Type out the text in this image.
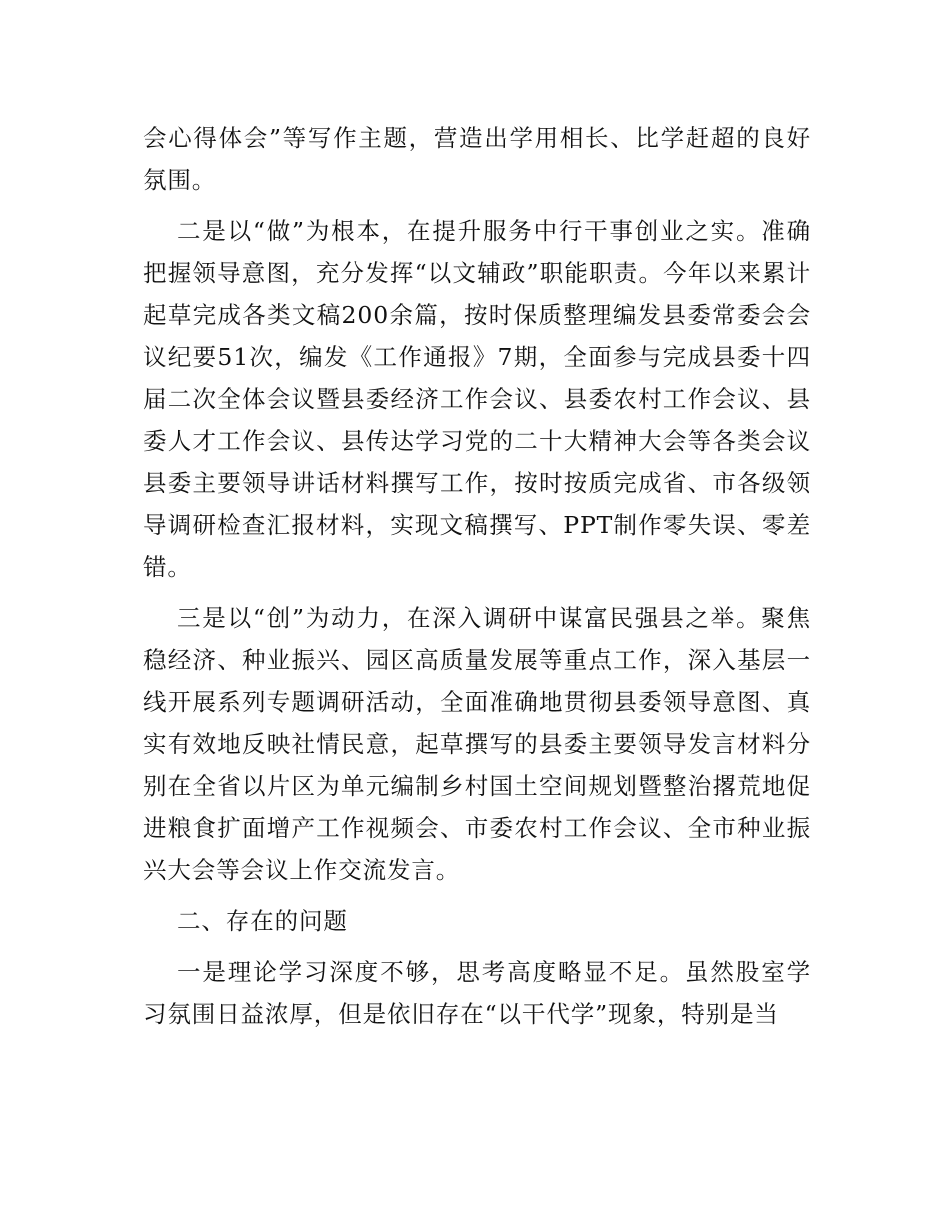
会心得体会”等写作主题，营造出学用相长、比学赶超的良好氛围。

二是以“做”为根本，在提升服务中行干事创业之实。准确把握领导意图，充分发挥“以文辅政”职能职责。今年以来累计起草完成各类文稿200余篇，按时保质整理编发县委常委会会议纪要51次，编发《工作通报》7期，全面参与完成县委十四届二次全体会议暨县委经济工作会议、县委农村工作会议、县委人才工作会议、县传达学习党的二十大精神大会等各类会议县委主要领导讲话材料撰写工作，按时按质完成省、市各级领导调研检查汇报材料，实现文稿撰写、PPT制作零失误、零差错。

三是以“创”为动力，在深入调研中谋富民强县之举。聚焦稳经济、种业振兴、园区高质量发展等重点工作，深入基层一线开展系列专题调研活动，全面准确地贯彻县委领导意图、真实有效地反映社情民意，起草撰写的县委主要领导发言材料分别在全省以片区为单元编制乡村国土空间规划暨整治撂荒地促进粮食扩面增产工作视频会、市委农村工作会议、全市种业振兴大会等会议上作交流发言。

二、存在的问题

一是理论学习深度不够，思考高度略显不足。虽然股室学习氛围日益浓厚，但是依旧存在“以干代学”现象，特别是当
